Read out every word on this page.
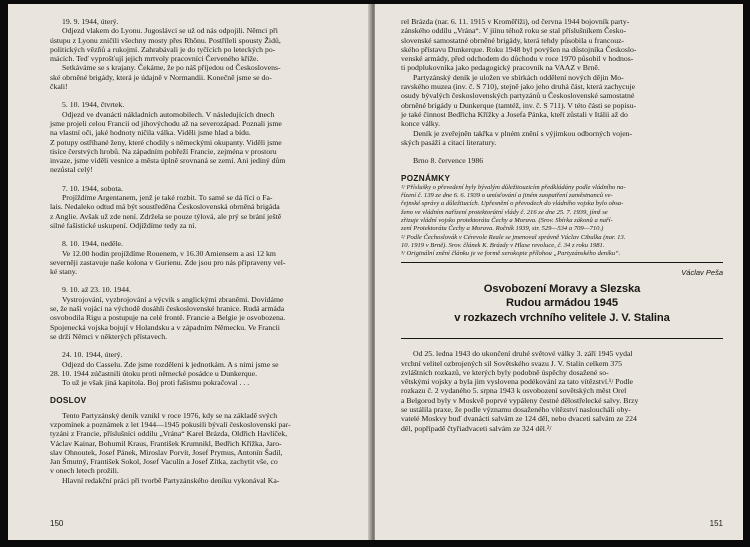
19. 9. 1944, úterý.

Odjezd vlakem do Lyonu. Jugoslávci se už od nás odpojili. Němci při

ústupu z Lyonu zničili všechny mosty přes Rhônu. Postříleli spousty Židů,

politických vězňů a rukojmí. Zahrabávali je do tyčících po leteckých po-

mácích. Teď vyprošťují jejich mrtvoly pracovníci Červeného kříže.

Setkáváme se s krajany. Čekáme, že po náš příjedou od Českoslovens-

ské obrněné brigády, která je údajně v Normandii. Konečně jsme se do-

čkali!

5. 10. 1944, čtvrtek.

Odjezd ve dvanácti nákladních automobilech. V následujících dnech

jsme projeli celou Francii od jihovýchodu až na severozápad. Poznali jsme

na vlastní oči, jaké hodnoty ničila válka. Viděli jsme hlad a bídu.

Z potupy ostříhané ženy, které chodily s německými okupanty. Viděli jsme

tisíce čerstvých hrobů. Na západním pobřeží Francie, zejména v prostoru

invaze, jsme viděli vesnice a města úplně srovnaná se zemí. Ani jediný dům

nezůstal celý!

7. 10. 1944, sobota.

Projíždíme Argentanem, jenž je také rozbit. To samé se dá říci o Fa-

lais. Nedaleko odtud má být soustředěna Československá obrněná brigáda

z Anglie. Avšak už zde není. Zdržela se pouze týlová, ale prý se brání ještě

silné fašistické uskupení. Odjíždíme tedy za ní.

8. 10. 1944, neděle.

Ve 12.00 hodin projíždíme Rouenem, v 16.30 Amiensem a asi 12 km

severněji zastavuje naše kolona v Gurienu. Zde jsou pro nás připraveny vel-

ké stany.

9. 10. až 23. 10. 1944.

Vystrojování, vyzbrojování a výcvik s anglickými zbraněmi. Dovídáme

se, že naši vojáci na východě dosáhli československé hranice. Rudá armáda

osvobodila Rigu a postupuje na celé frontě. Francie a Belgie je osvobozena.

Spojenecká vojska bojují v Holandsku a v západním Německu. Ve Francii

se drží Němci v některých přístavech.

24. 10. 1944, úterý.

Odjezd do Casselu. Zde jsme rozděleni k jednotkám. A s nimi jsme se

28. 10. 1944 zúčastnili útoku proti německé posádce u Dunkerque.

To už je však jiná kapitola. Boj proti fašismu pokračoval . . .

DOSLOV

Tento Partyzánský deník vznikl v roce 1976, kdy se na základě svých

vzpomínek a poznámek z let 1944—1945 pokusili bývalí československí par-

tyzáni z Francie, příslušníci oddílu „Vrána“ Karel Brázda, Oldřich Havlíček,

Václav Kainar, Bohumil Kraus, František Krumnikl, Bedřich Křížka, Jaro-

slav Ohnoutek, Josef Pánek, Miroslav Porvít, Josef Prymus, Antonín Šadil,

Jan Šmutný, František Sokol, Josef Vaculín a Josef Zítka, zachytit vše, co

v onech letech prožili.

Hlavní redakční práci při tvorbě Partyzánského deníku vykonával Ka-

150

rel Brázda (nar. 6. 11. 1915 v Kroměříži), od června 1944 bojovník party-

zánského oddílu „Vrána“. V jiínu téhož roku se stal příslušníkem Česko-

slovenské samostatné obrněné brigády, která tehdy působila u francouz-

ského přístavu Dunkerque. Roku 1948 byl povýšen na důstojníka Českoslo-

venské armády, před odchodem do důchodu v roce 1970 působil v hodnos-

ti podplukovníka jako pedagogický pracovník na VAAZ v Brně.

Partyzánský deník je uložen ve sbírkách oddělení nových dějin Mo-

ravského muzea (inv. č. S 710), stejně jako jeho druhá část, která zachycuje

osudy bývalých československých partyzánů u Československé samostatné

obrněné brigády u Dunkerque (tamtéž, inv. č. S 711). V této části se popisu-

je také činnost Bedřicha Křížky a Josefa Pánka, kteří zůstali v Itálii až do

konce války.

Deník je zveřejněn takřka v plném znění s výjimkou odborných vojen-

ských pasáží a citací literatury.

Brno 8. července 1986

POZNÁMKY

¹/ Příslušky o převedení byly bývalým důležitouzicím předkládány podle vládního na-

řízení č. 139 ze dne 6. 6. 1939 o umísťování a jiném zaopatření zaměstnanců ve-

řejnské správy a důležitucích. Upřesnění o převodech do vládního vojska bylo obsa-

ženo ve vládním nařízení protektorátní vlády č. 216 ze dne 25. 7. 1939, jímž se

zřizuje vládní vojsko protektorátu Čechy a Morava. (Srov. Sbírka zákonů a naří-

zení Protektorátu Čechy a Morava. Ročník 1939, str. 529—534 a 709—710.)

²/ Podle Čechoslovák v Cérevole Reale se jmenoval správně Václav Cibulka (nar. 13.

10. 1919 v Brně). Srov. článek K. Brázdy v Hlase revoluce, č. 34 z roku 1981.

³/ Originální znění článku je ve formě xerokopie přílohou „Partyzánského deníku“.

Václav Peša

Osvobození Moravy a Slezska

Rudou armádou 1945

v rozkazech vrchního velitele J. V. Stalina

Od 25. ledna 1943 do ukončení druhé světové války 3. září 1945 vydal

vrchní velitel ozbrojených sil Sovětského svazu J. V. Stalin celkem 375

zvláštních rozkazů, ve kterých byly podobně úspěchy dosažené so-

větskými vojsky a byla jim vyslovena podékování za tato vítězství.¹/ Podle

rozkazu č. 2 vydaného 5. srpna 1943 k osvobození sovětských měst Orel

a Belgorod byly v Moskvě poprvé vypáleny čestné dělostřelecké salvy. Brzy

se ustálila praxe, že podle významu dosaženého vítězství nasloucháli oby-

vatelé Moskvy buď dvanácti salvám ze 124 děl, nebo dvaceti salvám ze 224

děl, popřípadě čtyřiadvaceti salvám ze 324 děl.²/

151
